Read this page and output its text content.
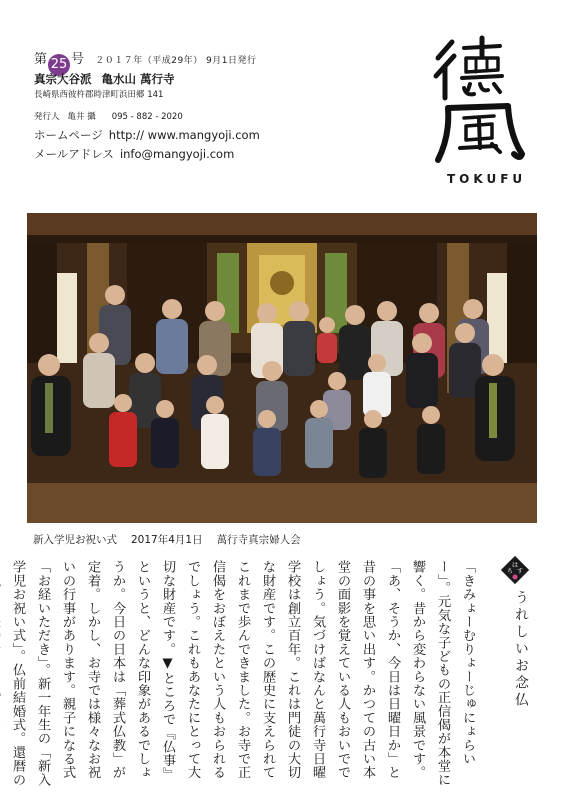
第 25 号 ２０１７年（平成29年） 9月1日発行
真宗大谷派 亀水山 萬行寺
長崎県西彼杵郡時津町浜田郷 141
発行人 亀井 攝 095 - 882 - 2020
ホームページ http:// www.mangyoji.com
メールアドレス info@mangyoji.com
TOKUFU
新入学児お祝い式 2017年4月1日 萬行寺真宗婦人会
は
ち す
うれしいお念仏
「きみょーむりょーじゅにょらいー」。元気な子どもの正信偈が本堂に響く。昔から変わらない風景です。「あ、そうか、今日は日曜日か」と昔の事を思い出す。かつての古い本堂の面影を覚えている人もおいででしょう。気づけばなんと萬行寺日曜学校は創立百年。これは門徒の大切な財産です。この歴史に支えられてこれまで歩んできました。お寺で正信偈をおぼえたという人もおられるでしょう。これもあなたにとって大切な財産です。▼ところで『仏事』というと、どんな印象があるでしょうか。今日の日本は「葬式仏教」が定着。しかし、お寺では様々なお祝いの行事があります。親子になる式「お経いただき」。新一年生の「新入学児お祝い式」。仏前結婚式。還暦の
